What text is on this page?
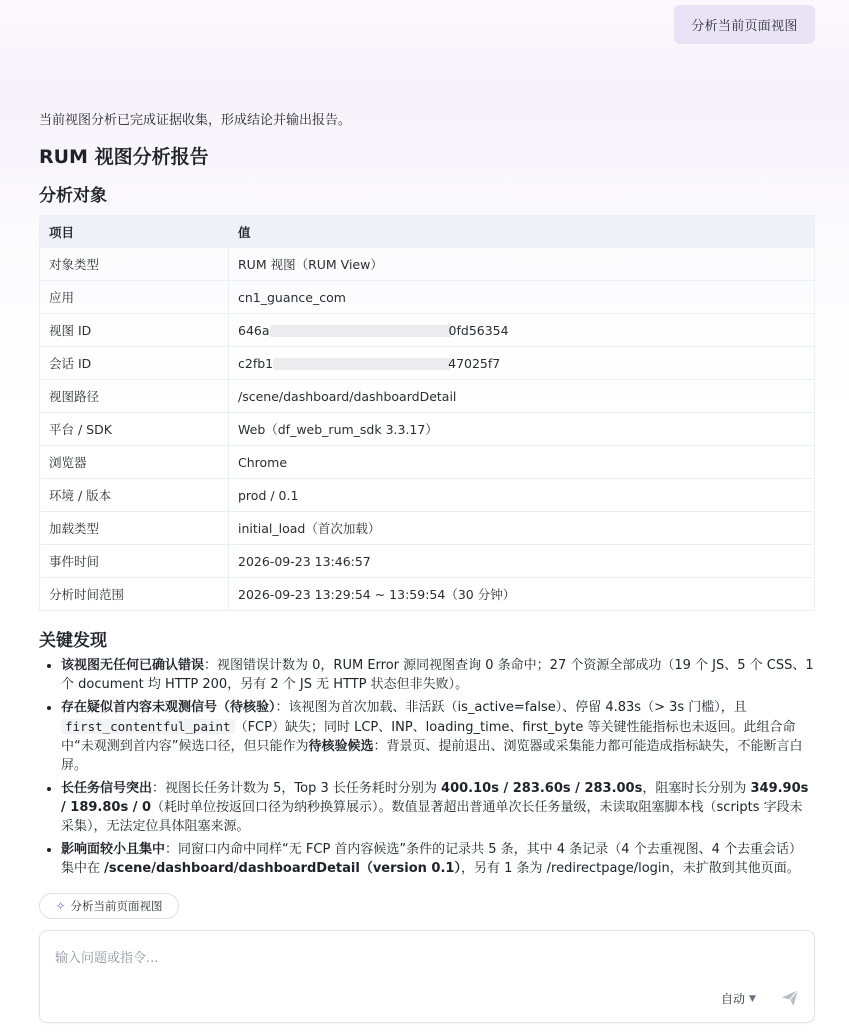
分析当前页面视图
当前视图分析已完成证据收集，形成结论并输出报告。
RUM 视图分析报告
分析对象
项目	值
对象类型	RUM 视图（RUM View）
应用	cn1_guance_com
视图 ID	646a 0fd56354
会话 ID	c2fb1 47025f7
视图路径	/scene/dashboard/dashboardDetail
平台 / SDK	Web（df_web_rum_sdk 3.3.17）
浏览器	Chrome
环境 / 版本	prod / 0.1
加载类型	initial_load（首次加载）
事件时间	2026-09-23 13:46:57
分析时间范围	2026-09-23 13:29:54 ~ 13:59:54（30 分钟）
关键发现
• 该视图无任何已确认错误：视图错误计数为 0，RUM Error 源同视图查询 0 条命中；27 个资源全部成功（19 个 JS、5 个 CSS、1 个 document 均 HTTP 200，另有 2 个 JS 无 HTTP 状态但非失败）。
• 存在疑似首内容未观测信号（待核验）：该视图为首次加载、非活跃（is_active=false）、停留 4.83s（> 3s 门槛），且first_contentful_paint （FCP）缺失；同时 LCP、INP、loading_time、first_byte 等关键性能指标也未返回。此组合命中“未观测到首内容”候选口径，但只能作为待核验候选：背景页、提前退出、浏览器或采集能力都可能造成指标缺失，不能断言白屏。
• 长任务信号突出：视图长任务计数为 5，Top 3 长任务耗时分别为 400.10s / 283.60s / 283.00s，阻塞时长分别为 349.90s / 189.80s / 0（耗时单位按返回口径为纳秒换算展示）。数值显著超出普通单次长任务量级，未读取阻塞脚本栈（scripts 字段未采集），无法定位具体阻塞来源。
• 影响面较小且集中：同窗口内命中同样“无 FCP 首内容候选”条件的记录共 5 条，其中 4 条记录（4 个去重视图、4 个去重会话）集中在 /scene/dashboard/dashboardDetail（version 0.1），另有 1 条为 /redirectpage/login，未扩散到其他页面。
✧ 分析当前页面视图
输入问题或指令...
自动 ▼
